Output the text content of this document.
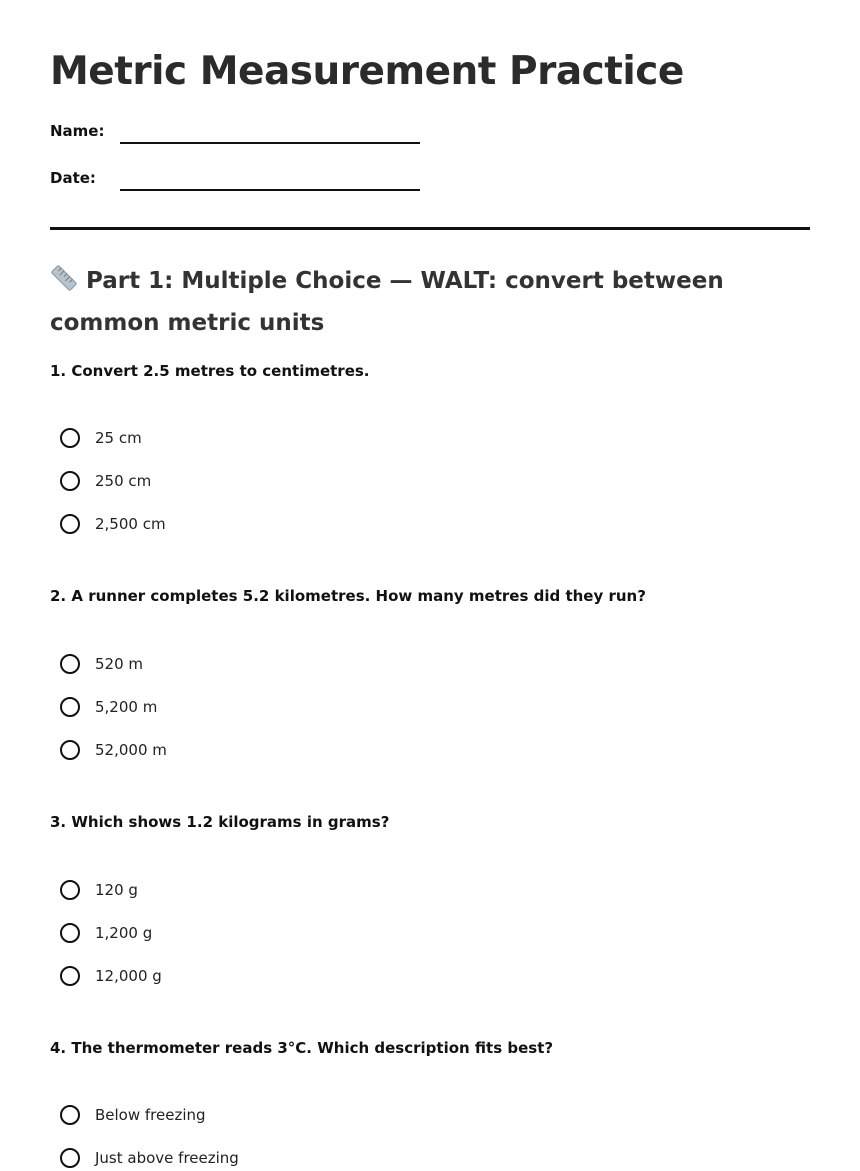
Metric Measurement Practice
Name:
Date:
Part 1: Multiple Choice — WALT: convert between common metric units

1. Convert 2.5 metres to centimetres.

25 cm
250 cm
2,500 cm

2. A runner completes 5.2 kilometres. How many metres did they run?

520 m
5,200 m
52,000 m

3. Which shows 1.2 kilograms in grams?

120 g
1,200 g
12,000 g

4. The thermometer reads 3°C. Which description fits best?

Below freezing
Just above freezing
